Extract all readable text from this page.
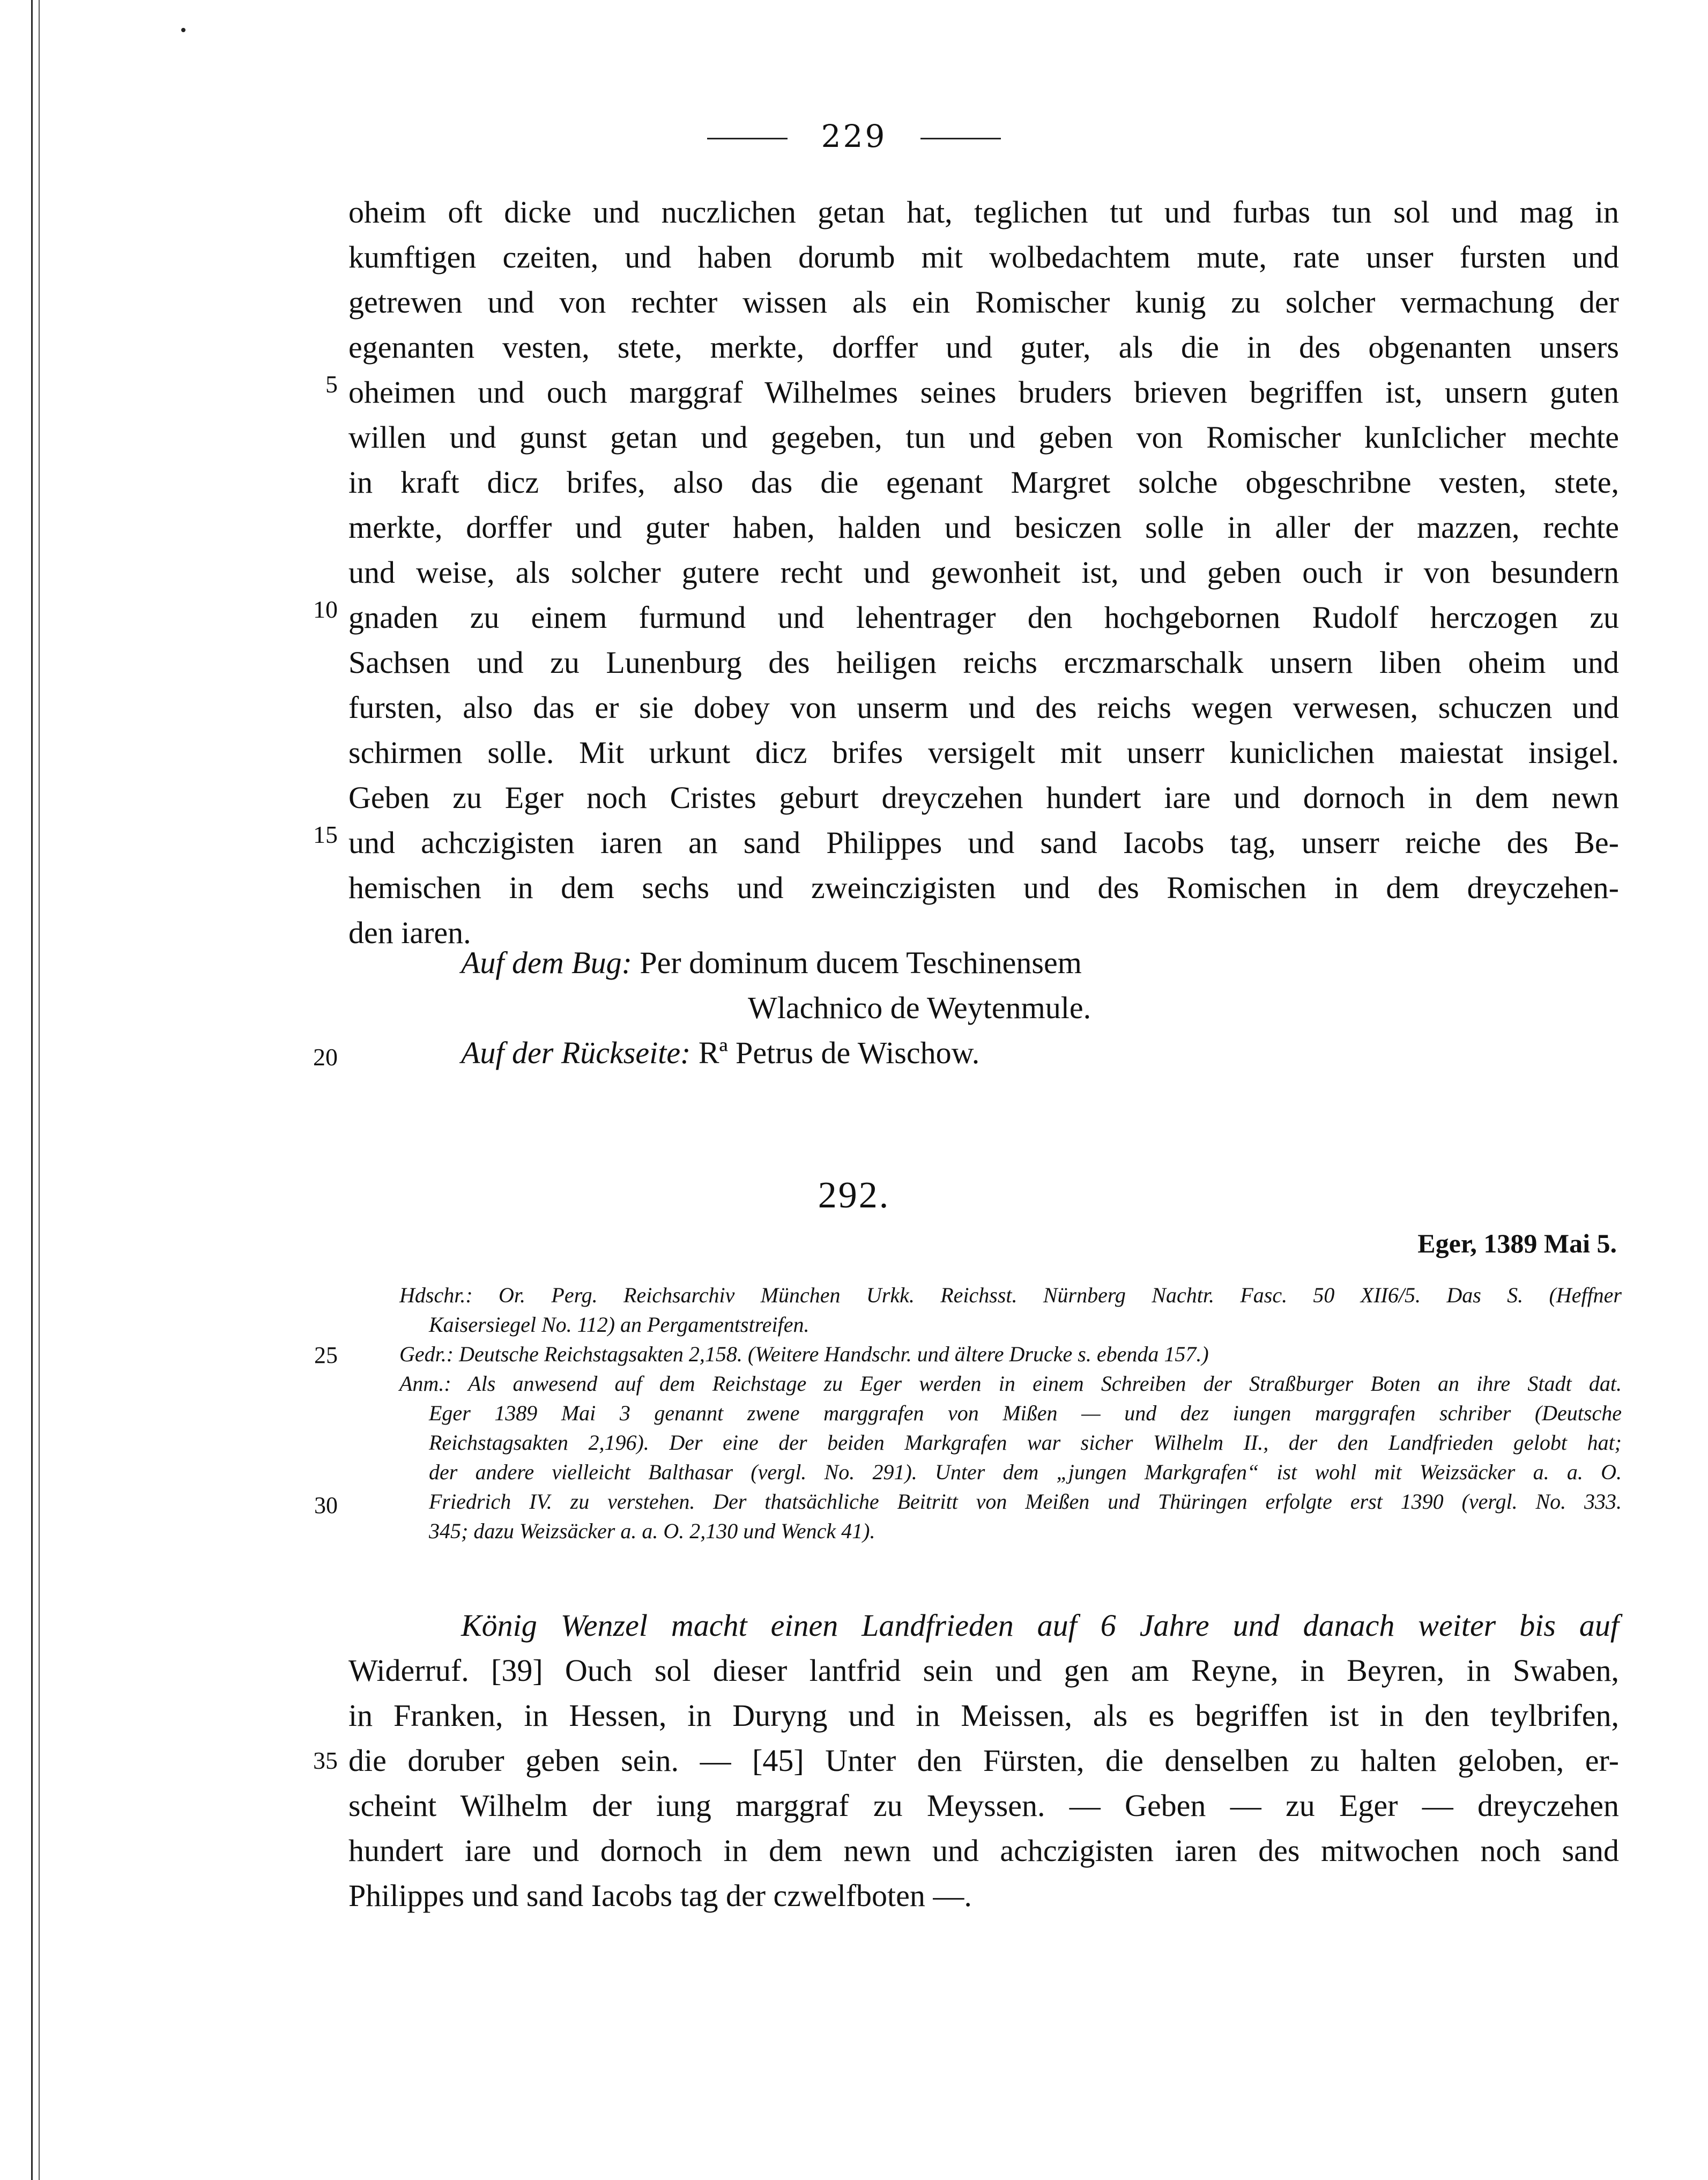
229
oheim oft dicke und nuczlichen getan hat, teglichen tut und furbas tun sol und mag in
kumftigen czeiten, und haben dorumb mit wolbedachtem mute, rate unser fursten und
getrewen und von rechter wissen als ein Romischer kunig zu solcher vermachung der
egenanten vesten, stete, merkte, dorffer und guter, als die in des obgenanten unsers
oheimen und ouch marggraf Wilhelmes seines bruders brieven begriffen ist, unsern guten
willen und gunst getan und gegeben, tun und geben von Romischer kunIclicher mechte
in kraft dicz brifes, also das die egenant Margret solche obgeschribne vesten, stete,
merkte, dorffer und guter haben, halden und besiczen solle in aller der mazzen, rechte
und weise, als solcher gutere recht und gewonheit ist, und geben ouch ir von besundern
gnaden zu einem furmund und lehentrager den hochgebornen Rudolf herczogen zu
Sachsen und zu Lunenburg des heiligen reichs erczmarschalk unsern liben oheim und
fursten, also das er sie dobey von unserm und des reichs wegen verwesen, schuczen und
schirmen solle. Mit urkunt dicz brifes versigelt mit unserr kuniclichen maiestat insigel.
Geben zu Eger noch Cristes geburt dreyczehen hundert iare und dornoch in dem newn
und achczigisten iaren an sand Philippes und sand Iacobs tag, unserr reiche des Be-
hemischen in dem sechs und zweinczigisten und des Romischen in dem dreyczehen-
den iaren.
5
10
15
20
Auf dem Bug: Per dominum ducem Teschinensem
Wlachnico de Weytenmule.
Auf der Rückseite: Rª Petrus de Wischow.
292.
Eger, 1389 Mai 5.
Hdschr.: Or. Perg. Reichsarchiv München Urkk. Reichsst. Nürnberg Nachtr. Fasc. 50 XII6/5. Das S. (Heffner
Kaisersiegel No. 112) an Pergamentstreifen.
Gedr.: Deutsche Reichstagsakten 2,158. (Weitere Handschr. und ältere Drucke s. ebenda 157.)
Anm.: Als anwesend auf dem Reichstage zu Eger werden in einem Schreiben der Straßburger Boten an ihre Stadt dat.
Eger 1389 Mai 3 genannt zwene marggrafen von Mißen — und dez iungen marggrafen schriber (Deutsche
Reichstagsakten 2,196). Der eine der beiden Markgrafen war sicher Wilhelm II., der den Landfrieden gelobt hat;
der andere vielleicht Balthasar (vergl. No. 291). Unter dem „jungen Markgrafen“ ist wohl mit Weizsäcker a. a. O.
Friedrich IV. zu verstehen. Der thatsächliche Beitritt von Meißen und Thüringen erfolgte erst 1390 (vergl. No. 333.
345; dazu Weizsäcker a. a. O. 2,130 und Wenck 41).
25
30
König Wenzel macht einen Landfrieden auf 6 Jahre und danach weiter bis auf
Widerruf. [39] Ouch sol dieser lantfrid sein und gen am Reyne, in Beyren, in Swaben,
in Franken, in Hessen, in Duryng und in Meissen, als es begriffen ist in den teylbrifen,
die doruber geben sein. — [45] Unter den Fürsten, die denselben zu halten geloben, er-
scheint Wilhelm der iung marggraf zu Meyssen. — Geben — zu Eger — dreyczehen
hundert iare und dornoch in dem newn und achczigisten iaren des mitwochen noch sand
Philippes und sand Iacobs tag der czwelfboten —.
35
